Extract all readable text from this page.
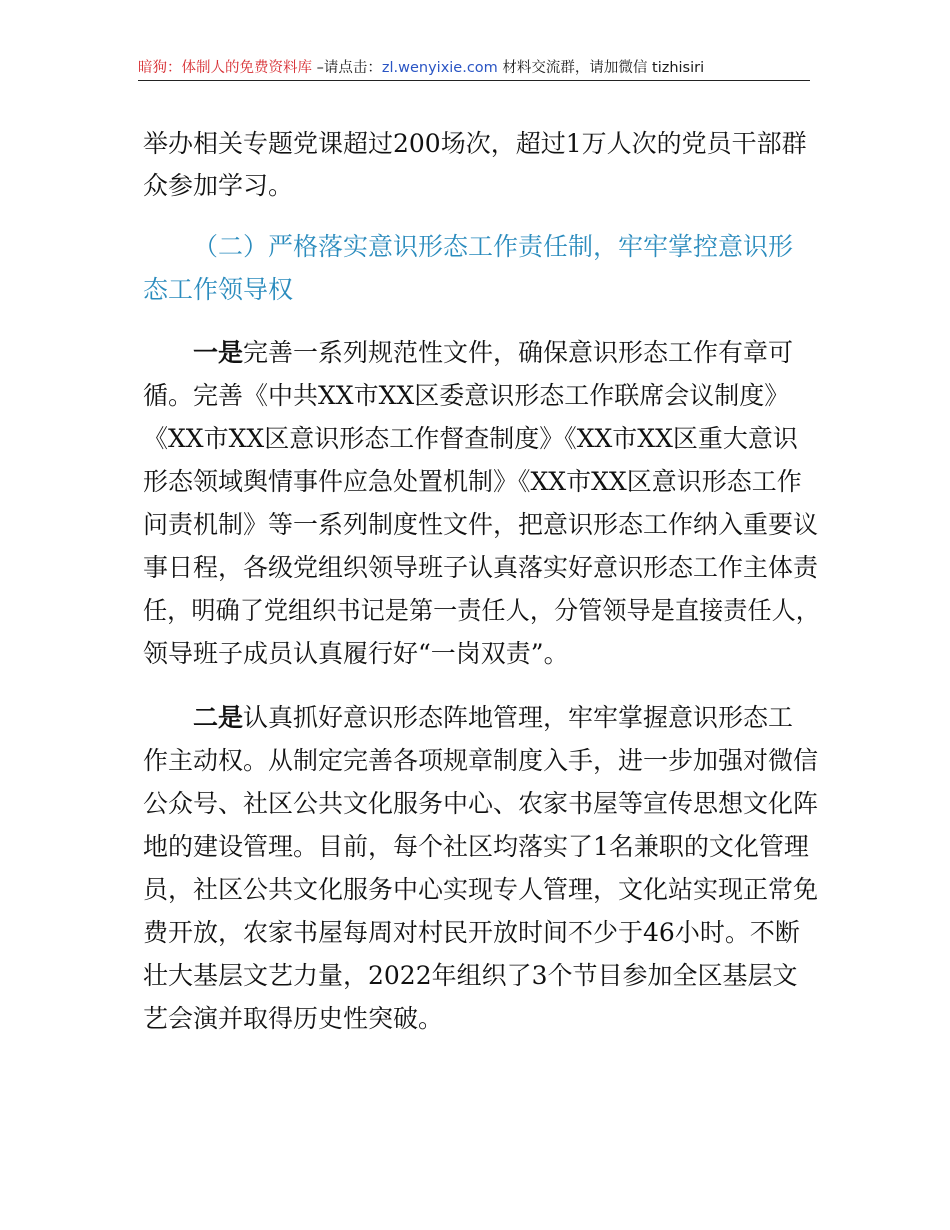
暗狗：体制人的免费资料库 –请点击：zl.wenyixie.com 材料交流群，请加微信 tizhisiri
举办相关专题党课超过200场次，超过1万人次的党员干部群
众参加学习。
（二）严格落实意识形态工作责任制，牢牢掌控意识形
态工作领导权
一是完善一系列规范性文件，确保意识形态工作有章可
循。完善《中共XX市XX区委意识形态工作联席会议制度》
《XX市XX区意识形态工作督查制度》《XX市XX区重大意识
形态领域舆情事件应急处置机制》《XX市XX区意识形态工作
问责机制》等一系列制度性文件，把意识形态工作纳入重要议
事日程，各级党组织领导班子认真落实好意识形态工作主体责
任，明确了党组织书记是第一责任人，分管领导是直接责任人，
领导班子成员认真履行好“一岗双责”。
二是认真抓好意识形态阵地管理，牢牢掌握意识形态工
作主动权。从制定完善各项规章制度入手，进一步加强对微信
公众号、社区公共文化服务中心、农家书屋等宣传思想文化阵
地的建设管理。目前，每个社区均落实了1名兼职的文化管理
员，社区公共文化服务中心实现专人管理，文化站实现正常免
费开放，农家书屋每周对村民开放时间不少于46小时。不断
壮大基层文艺力量，2022年组织了3个节目参加全区基层文
艺会演并取得历史性突破。
